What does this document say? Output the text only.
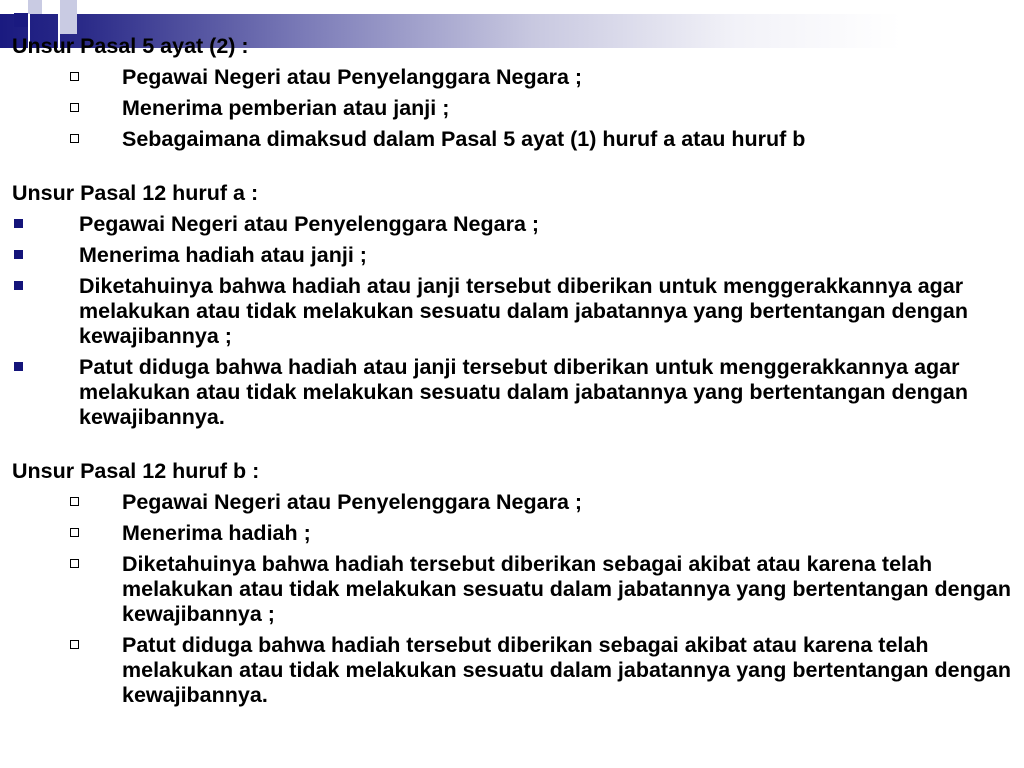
Unsur Pasal 5 ayat (2) :

Pegawai Negeri atau Penyelanggara Negara ;
Menerima pemberian atau janji ;
Sebagaimana dimaksud dalam Pasal 5 ayat (1) huruf a atau huruf b

Unsur Pasal 12 huruf a :

Pegawai Negeri atau Penyelenggara Negara ;
Menerima hadiah atau janji ;
Diketahuinya bahwa hadiah atau janji tersebut diberikan untuk menggerakkannya agar melakukan atau tidak melakukan sesuatu dalam jabatannya yang bertentangan dengan kewajibannya ;
Patut diduga bahwa hadiah atau janji tersebut diberikan untuk menggerakkannya agar melakukan atau tidak melakukan sesuatu dalam jabatannya yang bertentangan dengan kewajibannya.

Unsur Pasal 12 huruf b :

Pegawai Negeri atau Penyelenggara Negara ;
Menerima hadiah ;
Diketahuinya bahwa hadiah tersebut diberikan sebagai akibat atau karena telah melakukan atau tidak melakukan sesuatu dalam jabatannya yang bertentangan dengan kewajibannya ;
Patut diduga bahwa hadiah tersebut diberikan sebagai akibat atau karena telah melakukan atau tidak melakukan sesuatu dalam jabatannya yang bertentangan dengan kewajibannya.
